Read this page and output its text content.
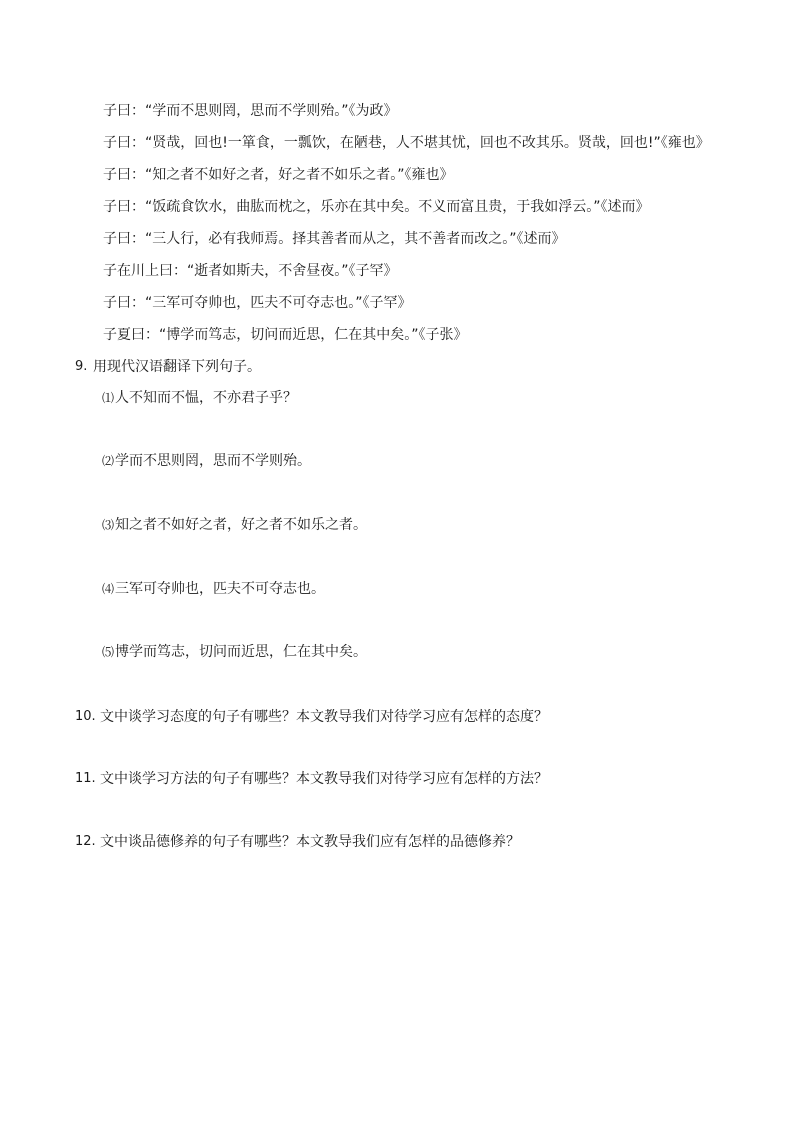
子曰：“学而不思则罔，思而不学则殆。”《为政》
子曰：“贤哉，回也!一箪食，一瓢饮，在陋巷，人不堪其忧，回也不改其乐。贤哉，回也!”《雍也》
子曰：“知之者不如好之者，好之者不如乐之者。”《雍也》
子曰：“饭疏食饮水，曲肱而枕之，乐亦在其中矣。不义而富且贵，于我如浮云。”《述而》
子曰：“三人行，必有我师焉。择其善者而从之，其不善者而改之。”《述而》
子在川上曰：“逝者如斯夫，不舍昼夜。”《子罕》
子曰：“三军可夺帅也，匹夫不可夺志也。”《子罕》
子夏曰：“博学而笃志，切问而近思，仁在其中矣。”《子张》
9. 用现代汉语翻译下列句子。
⑴人不知而不愠，不亦君子乎？
⑵学而不思则罔，思而不学则殆。
⑶知之者不如好之者，好之者不如乐之者。
⑷三军可夺帅也，匹夫不可夺志也。
⑸博学而笃志，切问而近思，仁在其中矣。
10. 文中谈学习态度的句子有哪些？本文教导我们对待学习应有怎样的态度？
11. 文中谈学习方法的句子有哪些？本文教导我们对待学习应有怎样的方法？
12. 文中谈品德修养的句子有哪些？本文教导我们应有怎样的品德修养？
